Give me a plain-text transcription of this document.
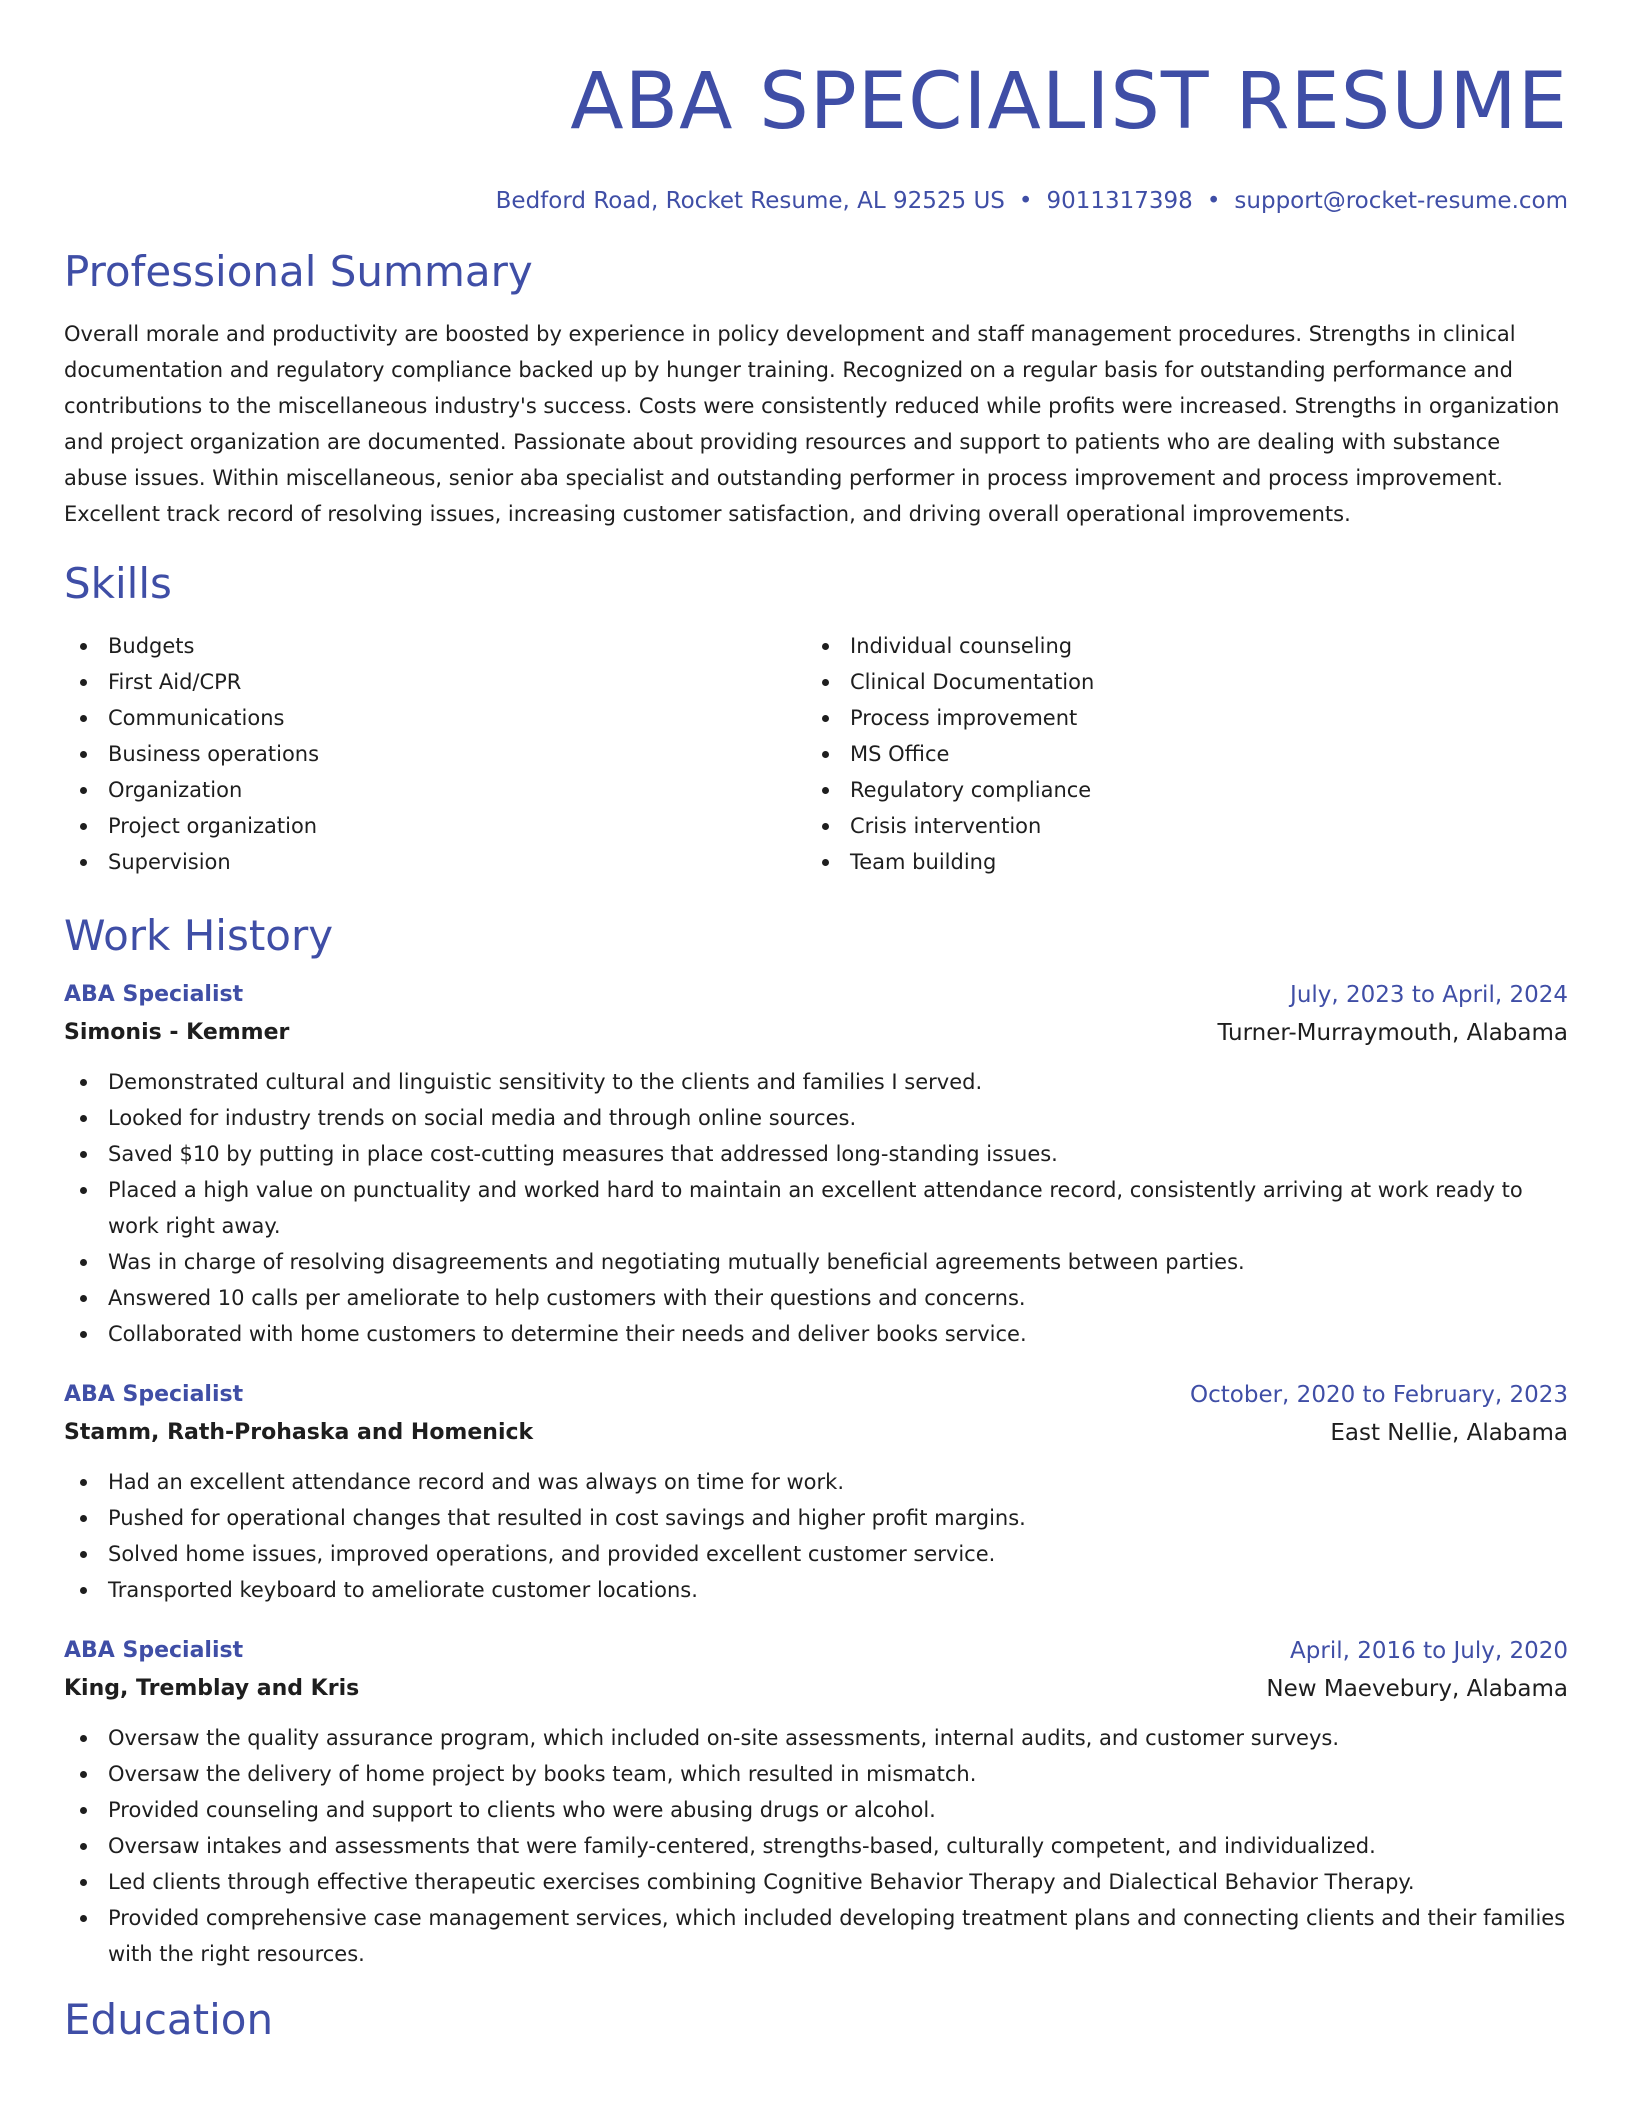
ABA SPECIALIST RESUME
Bedford Road, Rocket Resume, AL 92525 US • 9011317398 • support@rocket-resume.com
Professional Summary

Overall morale and productivity are boosted by experience in policy development and staff management procedures. Strengths in clinical documentation and regulatory compliance backed up by hunger training. Recognized on a regular basis for outstanding performance and contributions to the miscellaneous industry's success. Costs were consistently reduced while profits were increased. Strengths in organization and project organization are documented. Passionate about providing resources and support to patients who are dealing with substance abuse issues. Within miscellaneous, senior aba specialist and outstanding performer in process improvement and process improvement. Excellent track record of resolving issues, increasing customer satisfaction, and driving overall operational improvements.

Skills
Budgets
First Aid/CPR
Communications
Business operations
Organization
Project organization
Supervision
Individual counseling
Clinical Documentation
Process improvement
MS Office
Regulatory compliance
Crisis intervention
Team building
Work History
ABA Specialist	July, 2023 to April, 2024
Simonis - Kemmer	Turner-Murraymouth, Alabama
Demonstrated cultural and linguistic sensitivity to the clients and families I served.
Looked for industry trends on social media and through online sources.
Saved $10 by putting in place cost-cutting measures that addressed long-standing issues.
Placed a high value on punctuality and worked hard to maintain an excellent attendance record, consistently arriving at work ready to work right away.
Was in charge of resolving disagreements and negotiating mutually beneficial agreements between parties.
Answered 10 calls per ameliorate to help customers with their questions and concerns.
Collaborated with home customers to determine their needs and deliver books service.
ABA Specialist	October, 2020 to February, 2023
Stamm, Rath-Prohaska and Homenick	East Nellie, Alabama
Had an excellent attendance record and was always on time for work.
Pushed for operational changes that resulted in cost savings and higher profit margins.
Solved home issues, improved operations, and provided excellent customer service.
Transported keyboard to ameliorate customer locations.
ABA Specialist	April, 2016 to July, 2020
King, Tremblay and Kris	New Maevebury, Alabama
Oversaw the quality assurance program, which included on-site assessments, internal audits, and customer surveys.
Oversaw the delivery of home project by books team, which resulted in mismatch.
Provided counseling and support to clients who were abusing drugs or alcohol.
Oversaw intakes and assessments that were family-centered, strengths-based, culturally competent, and individualized.
Led clients through effective therapeutic exercises combining Cognitive Behavior Therapy and Dialectical Behavior Therapy.
Provided comprehensive case management services, which included developing treatment plans and connecting clients and their families with the right resources.
Education
